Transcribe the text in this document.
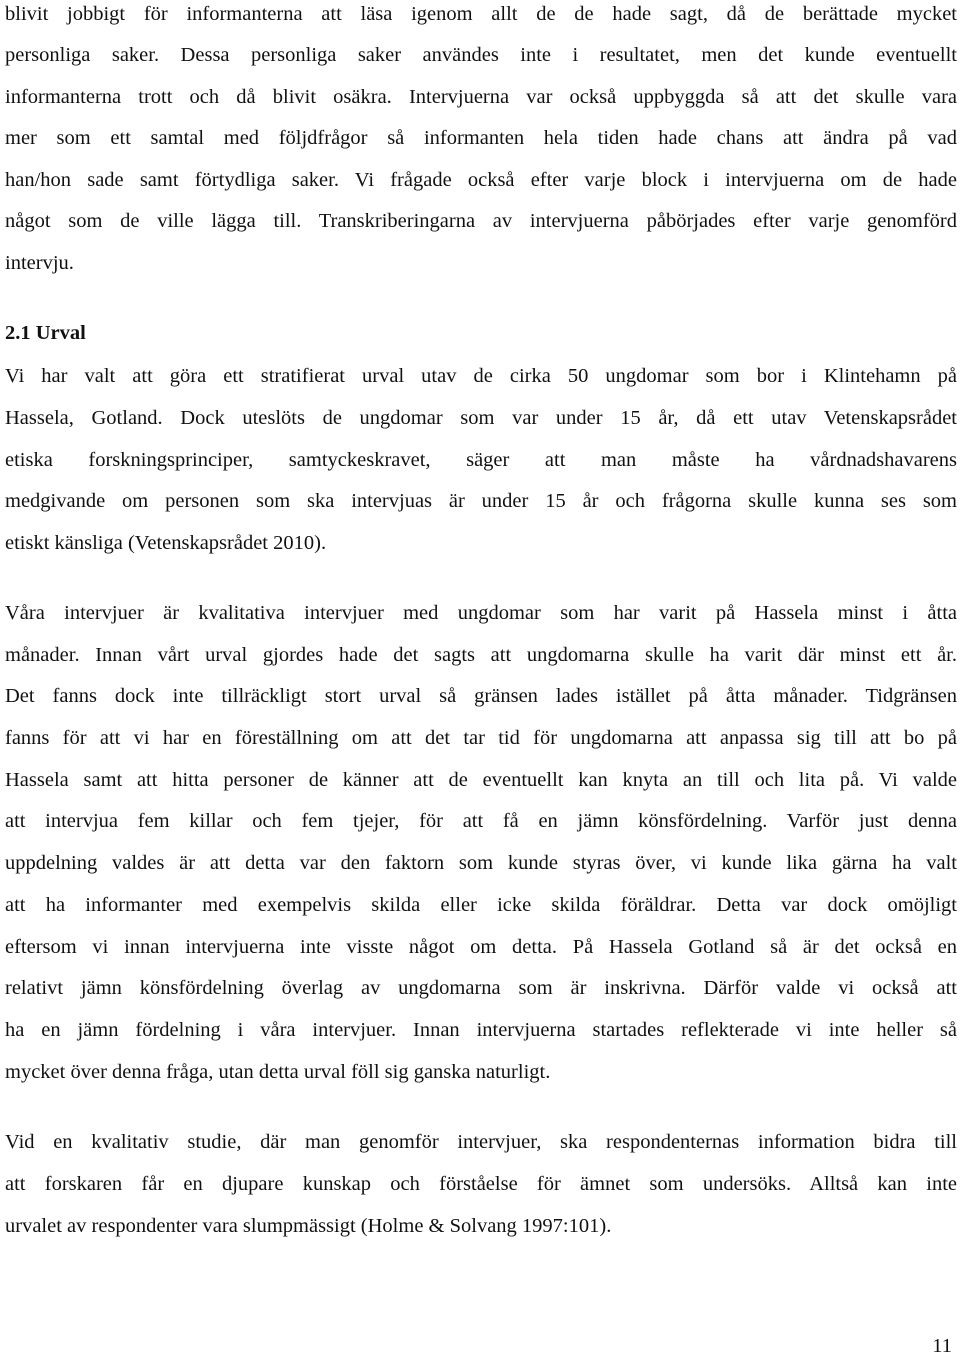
blivit jobbigt för informanterna att läsa igenom allt de de hade sagt, då de berättade mycket
personliga saker. Dessa personliga saker användes inte i resultatet, men det kunde eventuellt
informanterna trott och då blivit osäkra. Intervjuerna var också uppbyggda så att det skulle vara
mer som ett samtal med följdfrågor så informanten hela tiden hade chans att ändra på vad
han/hon sade samt förtydliga saker. Vi frågade också efter varje block i intervjuerna om de hade
något som de ville lägga till. Transkriberingarna av intervjuerna påbörjades efter varje genomförd
intervju.
2.1 Urval
Vi har valt att göra ett stratifierat urval utav de cirka 50 ungdomar som bor i Klintehamn på
Hassela, Gotland. Dock uteslöts de ungdomar som var under 15 år, då ett utav Vetenskapsrådet
etiska forskningsprinciper, samtyckeskravet, säger att man måste ha vårdnadshavarens
medgivande om personen som ska intervjuas är under 15 år och frågorna skulle kunna ses som
etiskt känsliga (Vetenskapsrådet 2010).
Våra intervjuer är kvalitativa intervjuer med ungdomar som har varit på Hassela minst i åtta
månader. Innan vårt urval gjordes hade det sagts att ungdomarna skulle ha varit där minst ett år.
Det fanns dock inte tillräckligt stort urval så gränsen lades istället på åtta månader. Tidgränsen
fanns för att vi har en föreställning om att det tar tid för ungdomarna att anpassa sig till att bo på
Hassela samt att hitta personer de känner att de eventuellt kan knyta an till och lita på. Vi valde
att intervjua fem killar och fem tjejer, för att få en jämn könsfördelning. Varför just denna
uppdelning valdes är att detta var den faktorn som kunde styras över, vi kunde lika gärna ha valt
att ha informanter med exempelvis skilda eller icke skilda föräldrar. Detta var dock omöjligt
eftersom vi innan intervjuerna inte visste något om detta. På Hassela Gotland så är det också en
relativt jämn könsfördelning överlag av ungdomarna som är inskrivna. Därför valde vi också att
ha en jämn fördelning i våra intervjuer. Innan intervjuerna startades reflekterade vi inte heller så
mycket över denna fråga, utan detta urval föll sig ganska naturligt.
Vid en kvalitativ studie, där man genomför intervjuer, ska respondenternas information bidra till
att forskaren får en djupare kunskap och förståelse för ämnet som undersöks. Alltså kan inte
urvalet av respondenter vara slumpmässigt (Holme & Solvang 1997:101).
11
